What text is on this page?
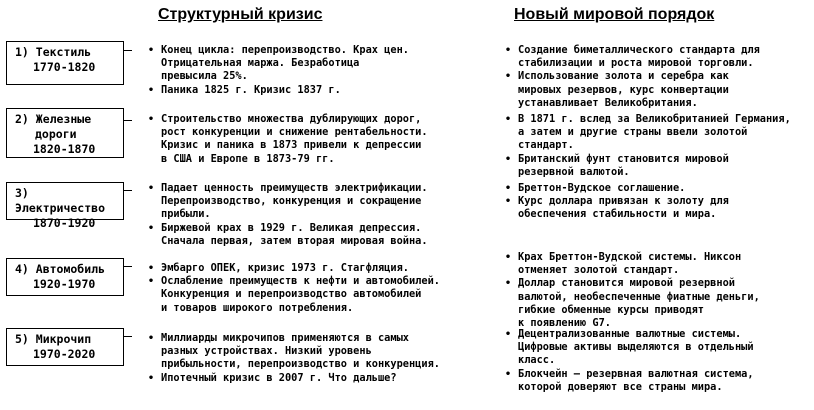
Структурный кризис	Новый мировой порядок
1) Текстиль
1770-1820
2) Железные
дороги
1820-1870
3) Электричество
1870-1920
4) Автомобиль
1920-1970
5) Микрочип
1970-2020
• Конец цикла: перепроизводство. Крах цен.
Отрицательная маржа. Безработица
превысила 25%.
• Паника 1825 г. Кризис 1837 г.
• Строительство множества дублирующих дорог,
рост конкуренции и снижение рентабельности.
Кризис и паника в 1873 привели к депрессии
в США и Европе в 1873-79 гг.
• Падает ценность преимуществ электрификации.
Перепроизводство, конкуренция и сокращение
прибыли.
• Биржевой крах в 1929 г. Великая депрессия.
Сначала первая, затем вторая мировая война.
• Эмбарго ОПЕК, кризис 1973 г. Стагфляция.
• Ослабление преимуществ к нефти и автомобилей.
Конкуренция и перепроизводство автомобилей
и товаров широкого потребления.
• Миллиарды микрочипов применяются в самых
разных устройствах. Низкий уровень
прибыльности, перепроизводство и конкуренция.
• Ипотечный кризис в 2007 г. Что дальше?
• Создание биметаллического стандарта для
стабилизации и роста мировой торговли.
• Использование золота и серебра как
мировых резервов, курс конвертации
устанавливает Великобритания.
• В 1871 г. вслед за Великобританией Германия,
а затем и другие страны ввели золотой
стандарт.
• Британский фунт становится мировой
резервной валютой.
• Бреттон-Вудское соглашение.
• Курс доллара привязан к золоту для
обеспечения стабильности и мира.
• Крах Бреттон-Вудской системы. Никсон
отменяет золотой стандарт.
• Доллар становится мировой резервной
валютой, необеспеченные фиатные деньги,
гибкие обменные курсы приводят
к появлению G7.
• Децентрализованные валютные системы.
Цифровые активы выделяются в отдельный
класс.
• Блокчейн – резервная валютная система,
которой доверяют все страны мира.
